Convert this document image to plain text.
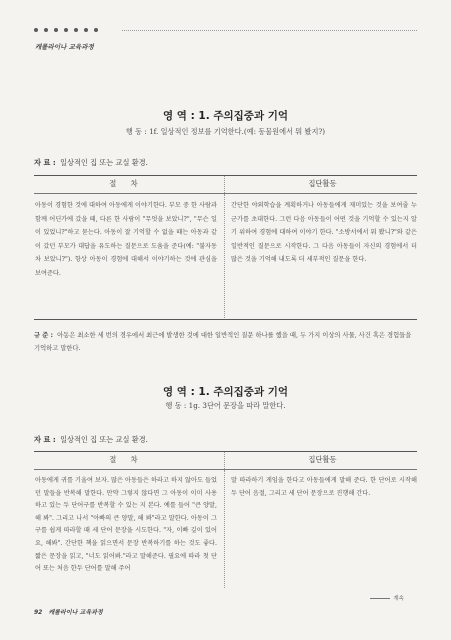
캐롤라이나 교육과정
영 역 : 1. 주의집중과 기억
행 동 : 1f. 일상적인 정보를 기억한다.(예: 동물원에서 뭐 봤지?)
자 료 : 일상적인 집 또는 교실 환경.
절 차	집단활동
아동이 경험한 것에 대하여 아동에게 이야기한다. 부모 중 한 사람과 함께 어딘가에 갔을 때, 다른 한 사람이 "무엇을 보았니?", "무슨 일이 있었니?"하고 묻는다. 아동이 잘 기억할 수 없을 때는 아동과 같이 갔던 부모가 대답을 유도하는 질문으로 도움을 준다(예: "불자동차 보았니?"). 항상 아동이 경험에 대해서 이야기하는 것에 관심을 보여준다.
간단한 야외학습을 계획하거나 아동들에게 재미있는 것을 보여줄 누군가를 초대한다. 그런 다음 아동들이 어떤 것을 기억할 수 있는지 알기 위하여 경험에 대하여 이야기 한다. "소방서에서 뭐 봤니?"와 같은 일반적인 질문으로 시작한다. 그 다음 아동들이 자신의 경험에서 더 많은 것을 기억해 내도록 더 세부적인 질문을 한다.
규 준 : 아동은 최소한 세 번의 경우에서 최근에 발생한 것에 대한 일반적인 질문 하나를 했을 때, 두 가지 이상의 사물, 사건 혹은 경험들을 기억하고 말한다.
영 역 : 1. 주의집중과 기억
행 동 : 1g. 3단어 문장을 따라 말한다.
자 료 : 일상적인 집 또는 교실 환경.
절 차	집단활동
아동에게 귀를 기울여 보자. 많은 아동들은 하라고 하지 않아도 들었던 말들을 반복해 말한다. 만약 그렇지 않다면 그 아동이 이미 사용하고 있는 두 단어구를 반복할 수 있는 지 본다. 예를 들어 "큰 양말, 해 봐". 그리고 나서 "아빠의 큰 양말, 해 봐"라고 말한다. 아동이 그 구를 쉽게 따라할 때 세 단어 문장을 시도한다. "자, 이빠 깊이 있어요, 해봐". 간단한 책을 읽으면서 문장 반복하기를 하는 것도 좋다. 짧은 문장을 읽고, "너도 읽어봐."라고 말해준다. 필요에 따라 첫 단어 또는 처음 한두 단어를 말해 주어
말 따라하기 게임을 한다고 아동들에게 말해 준다. 한 단어로 시작해 두 단어 음절, 그리고 세 단어 문장으로 진행해 간다.
계속
92 캐롤라이나 교육과정
